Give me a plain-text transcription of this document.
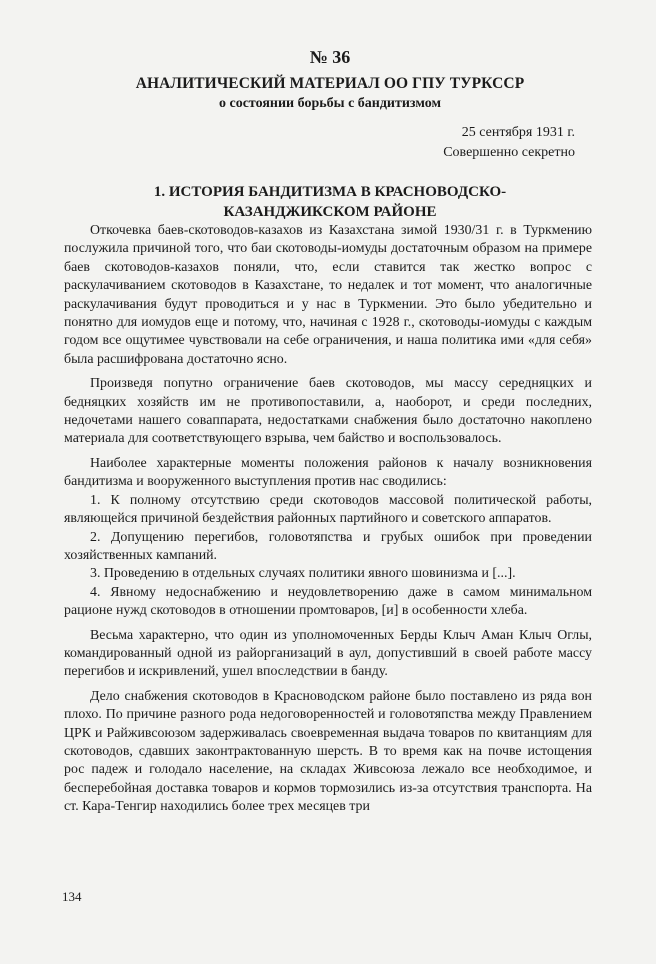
№ 36
АНАЛИТИЧЕСКИЙ МАТЕРИАЛ ОО ГПУ ТУРКССР
о состоянии борьбы с бандитизмом
25 сентября 1931 г.
Совершенно секретно
1. ИСТОРИЯ БАНДИТИЗМА В КРАСНОВОДСКО-
КАЗАНДЖИКСКОМ РАЙОНЕ

Откочевка баев-скотоводов-казахов из Казахстана зимой 1930/31 г. в Туркмению послужила причиной того, что баи скотоводы-иомуды достаточным образом на примере баев скотоводов-казахов поняли, что, если ставится так жестко вопрос с раскулачиванием скотоводов в Казахстане, то недалек и тот момент, что аналогичные раскулачивания будут проводиться и у нас в Туркмении. Это было убедительно и понятно для иомудов еще и потому, что, начиная с 1928 г., скотоводы-иомуды с каждым годом все ощутимее чувствовали на себе ограничения, и наша политика ими «для себя» была расшифрована достаточно ясно.

Произведя попутно ограничение баев скотоводов, мы массу середняцких и бедняцких хозяйств им не противопоставили, а, наоборот, и среди последних, недочетами нашего совaппарата, недостатками снабжения было достаточно накоплено материала для соответствующего взрыва, чем байство и воспользовалось.

Наиболее характерные моменты положения районов к началу возникновения бандитизма и вооруженного выступления против нас сводились:

1. К полному отсутствию среди скотоводов массовой политической работы, являющейся причиной бездействия районных партийного и советского аппаратов.

2. Допущению перегибов, головотяпства и грубых ошибок при проведении хозяйственных кампаний.

3. Проведению в отдельных случаях политики явного шовинизма и [...].

4. Явному недоснабжению и неудовлетворению даже в самом минимальном рационе нужд скотоводов в отношении промтоваров, [и] в особенности хлеба.

Весьма характерно, что один из уполномоченных Берды Клыч Аман Клыч Оглы, командированный одной из райорганизаций в аул, допустивший в своей работе массу перегибов и искривлений, ушел впоследствии в банду.

Дело снабжения скотоводов в Красноводском районе было поставлено из ряда вон плохо. По причине разного рода недоговоренностей и головотяпства между Правлением ЦРК и Райживсоюзом задерживалась своевременная выдача товаров по квитанциям для скотоводов, сдавших законтрактованную шерсть. В то время как на почве истощения рос падеж и голодало население, на складах Живсоюза лежало все необходимое, и бесперебойная доставка товаров и кормов тормозились из-за отсутствия транспорта. На ст. Кара-Тенгир находились более трех месяцев три

134
